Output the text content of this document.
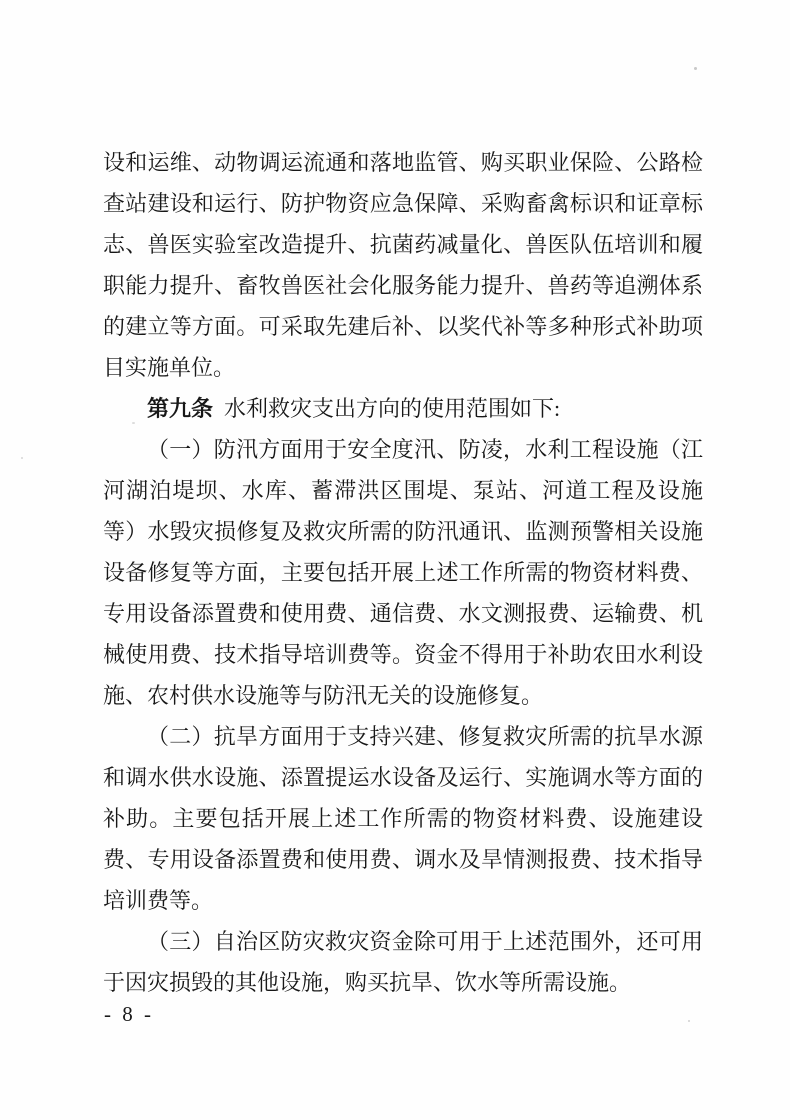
设和运维、动物调运流通和落地监管、购买职业保险、公路检
查站建设和运行、防护物资应急保障、采购畜禽标识和证章标
志、兽医实验室改造提升、抗菌药减量化、兽医队伍培训和履
职能力提升、畜牧兽医社会化服务能力提升、兽药等追溯体系
的建立等方面。可采取先建后补、以奖代补等多种形式补助项
目实施单位。
第九条 水利救灾支出方向的使用范围如下:
（一）防汛方面用于安全度汛、防凌，水利工程设施（江
河湖泊堤坝、水库、蓄滞洪区围堤、泵站、河道工程及设施
等）水毁灾损修复及救灾所需的防汛通讯、监测预警相关设施
设备修复等方面，主要包括开展上述工作所需的物资材料费、
专用设备添置费和使用费、通信费、水文测报费、运输费、机
械使用费、技术指导培训费等。资金不得用于补助农田水利设
施、农村供水设施等与防汛无关的设施修复。
（二）抗旱方面用于支持兴建、修复救灾所需的抗旱水源
和调水供水设施、添置提运水设备及运行、实施调水等方面的
补助。主要包括开展上述工作所需的物资材料费、设施建设
费、专用设备添置费和使用费、调水及旱情测报费、技术指导
培训费等。
（三）自治区防灾救灾资金除可用于上述范围外，还可用
于因灾损毁的其他设施，购买抗旱、饮水等所需设施。
- 8 -
